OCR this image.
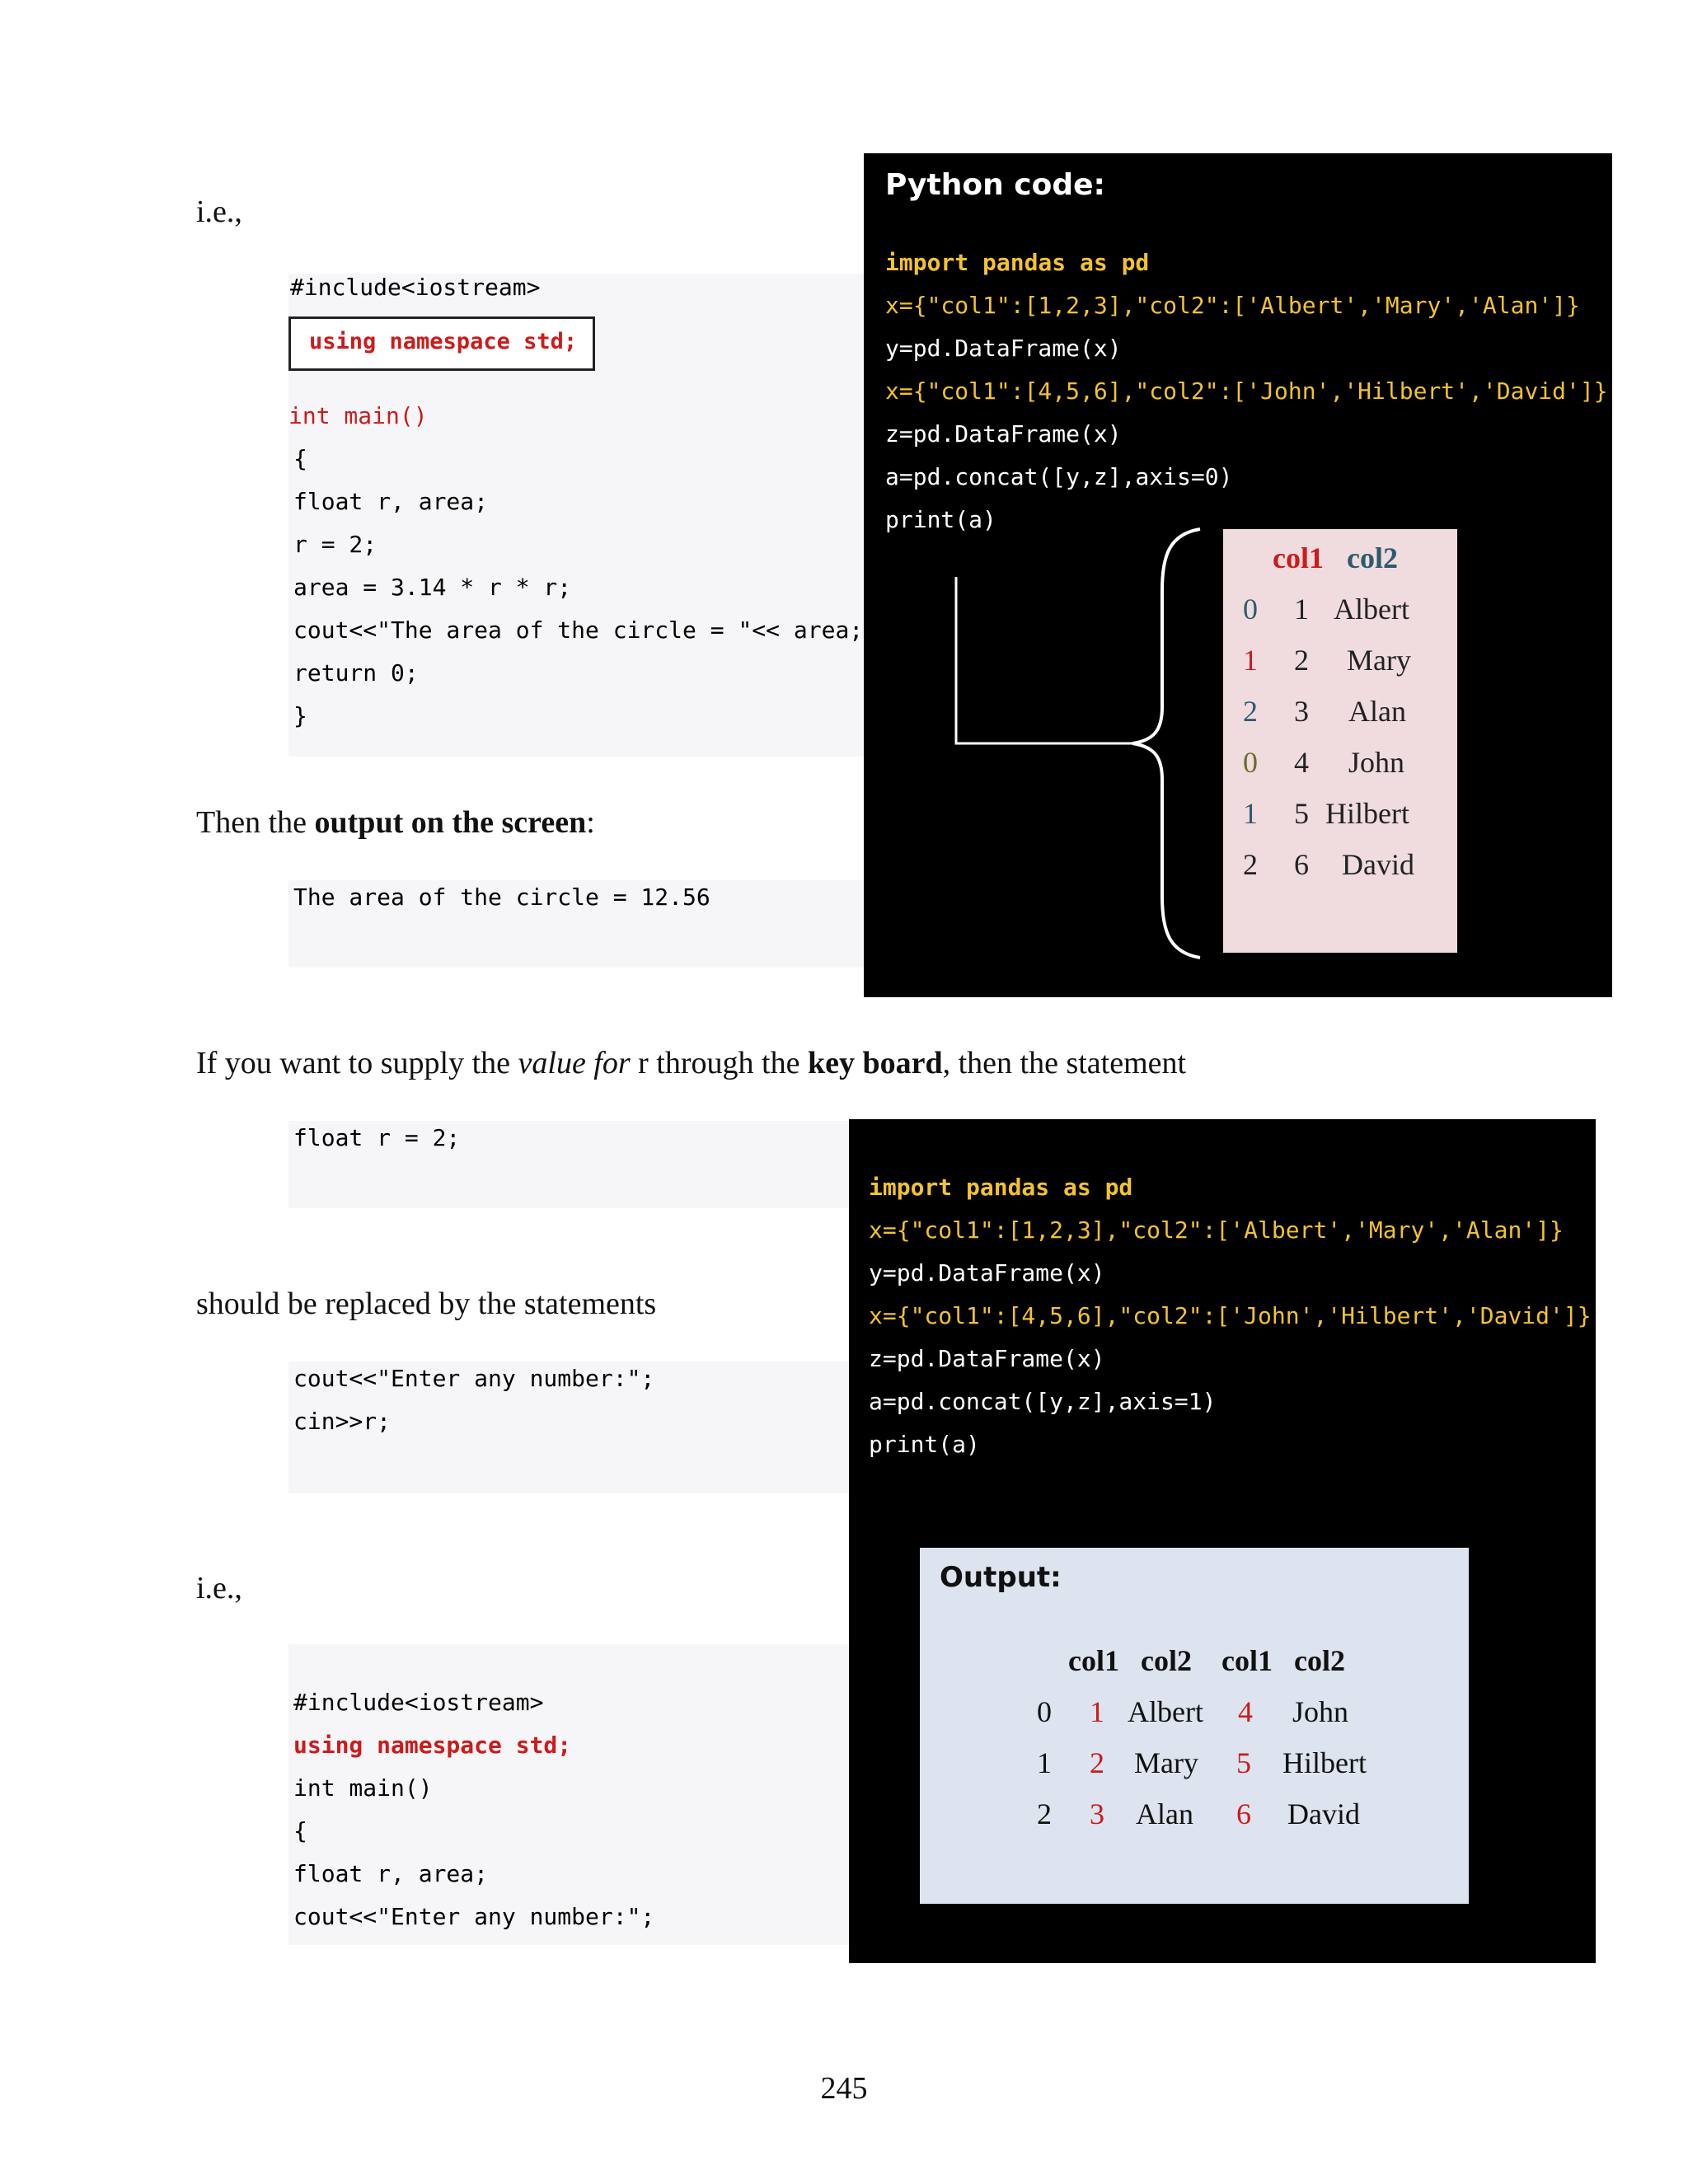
i.e.,
#include<iostream>
using namespace std;
int main()
{
float r, area;
r = 2;
area = 3.14 * r * r;
cout<<"The area of the circle = "<< area;
return 0;
}
Then the output on the screen:
The area of the circle = 12.56
If you want to supply the value for r through the key board, then the statement
float r = 2;
should be replaced by the statements
cout<<"Enter any number:";
cin>>r;
i.e.,
#include<iostream>
using namespace std;
int main()
{
float r, area;
cout<<"Enter any number:";
Python code:
import pandas as pd
x={"col1":[1,2,3],"col2":['Albert','Mary','Alan']}
y=pd.DataFrame(x)
x={"col1":[4,5,6],"col2":['John','Hilbert','David']}
z=pd.DataFrame(x)
a=pd.concat([y,z],axis=0)
print(a)
col1 col2
0 1 Albert
1 2 Mary
2 3 Alan
0 4 John
1 5 Hilbert
2 6 David
import pandas as pd
x={"col1":[1,2,3],"col2":['Albert','Mary','Alan']}
y=pd.DataFrame(x)
x={"col1":[4,5,6],"col2":['John','Hilbert','David']}
z=pd.DataFrame(x)
a=pd.concat([y,z],axis=1)
print(a)
Output:
col1 col2 col1 col2
0 1 Albert 4 John
1 2 Mary 5 Hilbert
2 3 Alan 6 David
245
